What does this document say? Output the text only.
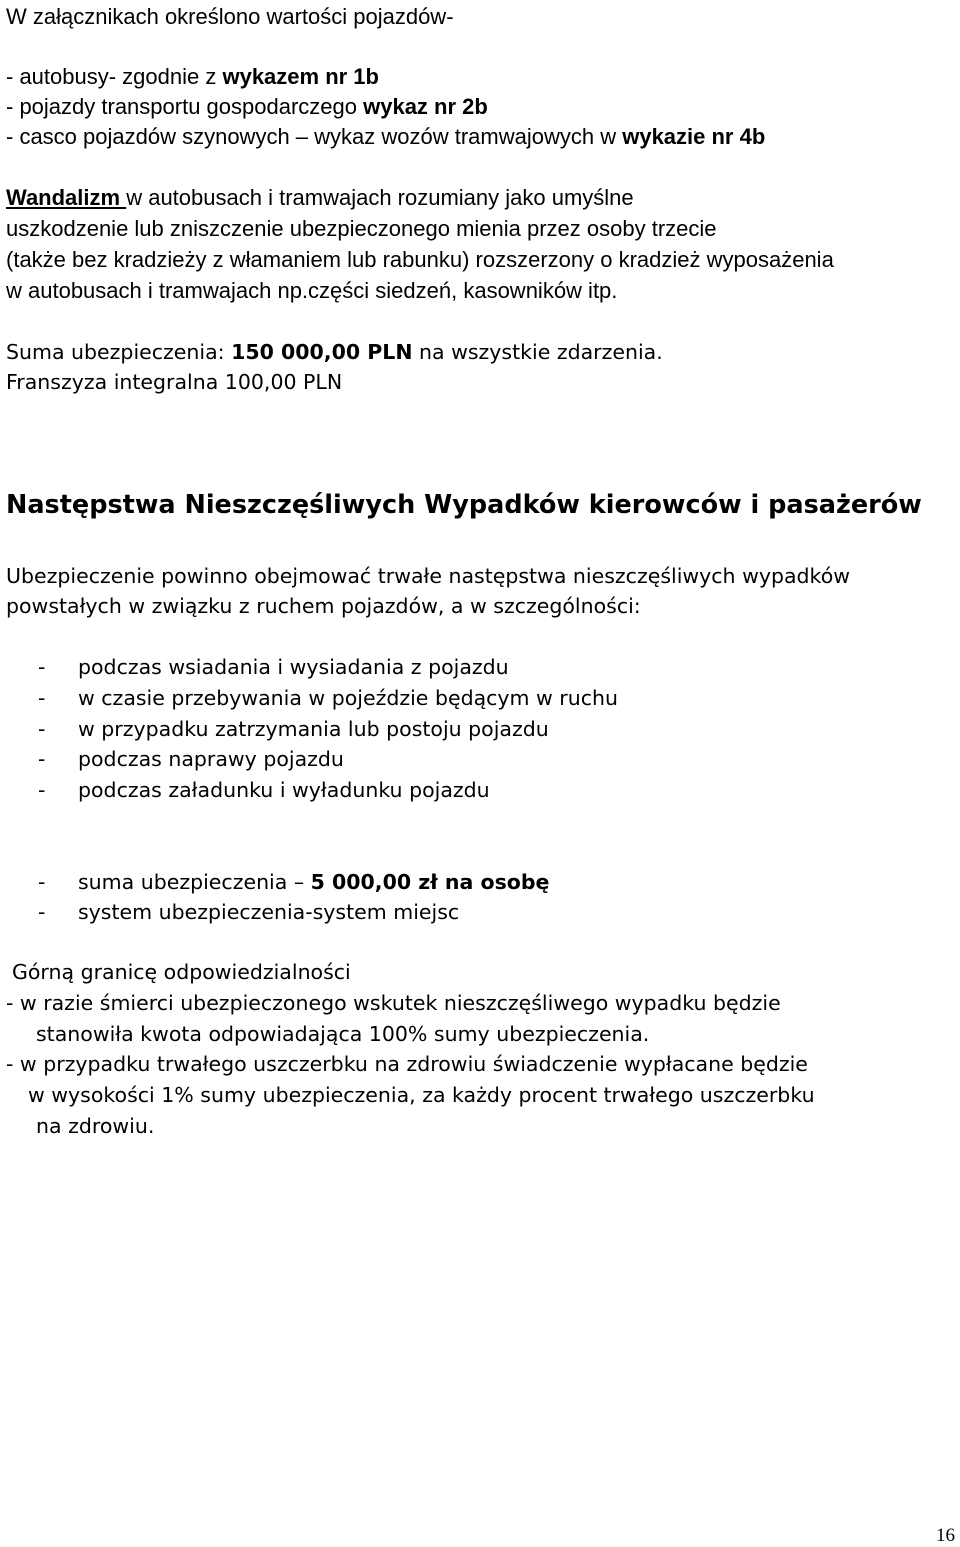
W załącznikach określono wartości pojazdów-
- autobusy- zgodnie z wykazem nr 1b
- pojazdy transportu gospodarczego wykaz nr 2b
- casco pojazdów szynowych – wykaz wozów tramwajowych w wykazie nr 4b
Wandalizm w autobusach i tramwajach rozumiany jako umyślne
uszkodzenie lub zniszczenie ubezpieczonego mienia przez osoby trzecie
(także bez kradzieży z włamaniem lub rabunku) rozszerzony o kradzież wyposażenia
w autobusach i tramwajach np.części siedzeń, kasowników itp.
Suma ubezpieczenia: 150 000,00 PLN na wszystkie zdarzenia.
Franszyza integralna 100,00 PLN
Następstwa Nieszczęśliwych Wypadków kierowców i pasażerów
Ubezpieczenie powinno obejmować trwałe następstwa nieszczęśliwych wypadków
powstałych w związku z ruchem pojazdów, a w szczególności:
- podczas wsiadania i wysiadania z pojazdu
- w czasie przebywania w pojeździe będącym w ruchu
- w przypadku zatrzymania lub postoju pojazdu
- podczas naprawy pojazdu
- podczas załadunku i wyładunku pojazdu
- suma ubezpieczenia – 5 000,00 zł na osobę
- system ubezpieczenia-system miejsc
Górną granicę odpowiedzialności
- w razie śmierci ubezpieczonego wskutek nieszczęśliwego wypadku będzie
stanowiła kwota odpowiadająca 100% sumy ubezpieczenia.
- w przypadku trwałego uszczerbku na zdrowiu świadczenie wypłacane będzie
w wysokości 1% sumy ubezpieczenia, za każdy procent trwałego uszczerbku
na zdrowiu.
16
